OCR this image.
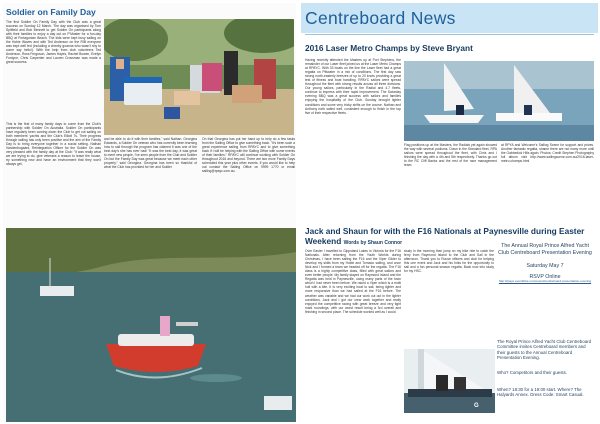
Soldier on Family Day
The first Soldier On Family Day with the Club was a great success on Sunday 12 March. The day was organised by Tom Spitfield and Bob Bennett to get Soldier On participants along with their families to enjoy a day out on P'Master for a fun-day BBQ at Portagunian Beach. The kids were kept busy sailing on the Hobie Waves and with Ted Anderson on the RIB everyone was kept well fed (including a cheeky goanna who wasn't shy to come say hello!). With the help from club volunteers Ted Anderson, Ross Ferguson, James Hayes, Rachel Bowen, Evelyn Fordyce, Chris Carpenter and Lauren Crossman was made a great success.
This is the first of many family days to come from the Club's partnership with Soldier On Australia. Soldier On participants have regularly been coming down the Club to get out sailing on both members' yachts and the Club's Elliott 7s. Their progress through sailing has only been positive and the aim of the Family Day is to bring everyone together in a social setting. Nathan Vandenbogaard, Reintegration Officer for the Soldier On was very pleased with the family day at the Club: "It was really what we are trying to do, give veterans a reason to leave the house, try something new and have an environment that they won't always get,
and be able to do it with their families," said Nathan. Georgina Edwards, a Soldier On veteran who has currently been learning how to sail through the program has claimed it was one of the best day's she has ever had! "It was the best day, it was great to meet new people, I've seen people from the Club and Soldier On but the Family Day was great because we meet each other properly," said Georgina. Georgina has been so thankful of what the Club has provided for her and Soldier
On that Georgina has put her hand up to help do a few tasks from the Sailing Office to give something back. "It's been such a great experience sailing from RPAYC and to give something back if I will be helping with the Sailing Office with some events of their families." RPAYC will continue working with Soldier On throughout 2016 and beyond. There are two more Family Days scheduled this year plus other events. If you would like to help out contact the Sailing Office on 9999 1770 or email sailing@rpayc.com.au.
Centreboard News
2016 Laser Metro Champs by Steve Bryant
Having recently attended the Masters up at Port Stephens, the remainder of our Laser fleet joined us at the Laser Metro Champs at RPAYC. With 33 boats on the line the Laser fleet had a great regatta on Pittwater in a mix of conditions. The first day saw strong north-easterly breezes of up to 20 knots providing a great test of fitness and boat handling. RPAYC sailors were spread throughout the fleet with strong results across all three divisions. Our young sailors, particularly in the Radial and 4.7 fleets, continue to impress with their rapid improvement. The Saturday evening BBQ was a great success with sailors and families enjoying the hospitality of the Club. Sunday brought lighter conditions and some very tricky shifts on the course. Nathan and Anthony both sailed well, consistent enough to finish in the top five of their respective fleets.
Flag positions up at the Masters, the Radials yet again showed the way with several podiums. Down in the Standard fleet, RPA sailors were spread throughout the fleet, with Chris and I finishing the day with a 4th and 5th respectively. Thanks go out to the RC Cliff Banks and the rest of the race management team.
at RPYA and Welcome's Sailing Scene for support and prizes. Another fantastic regatta, shame there are not many more until the Gabbedick Hills again. Photos: Credit Stephen Photography full album visit http://www.sailingscene.com.au/2016-laser-metro-champs.html
Jack and Shaun for with the F16 Nationals at Paynesville during Easter Weekend Words by Shaun Connor
Over Easter I travelled to Gippsland Lakes in Victoria for the F16 Nationals. After returning from the Youth Worlds during Christmas, I have been sailing the F16 and the Viper Glider to develop my skills from my Hobie and Tornado sailing, and once Nick and I formed a team we headed off for the regatta. The F16 class is a highly competitive class, filled with great sailors and even better people. My family stayed on Raymond Island and the Regatta was held in Paynesville, using many parts of the town which I had never been before. We raced a Viper which is a multi hull with a kite. It is very exciting boat to sail, being lighter and more responsive than we had sailed at the F16 before. The weather was variable and we had our work cut out in the lighter conditions. Jack and I got our crew work together and really enjoyed the competitive racing with great breeze and very tight mark roundings, with our worst result being a 3rd overall and finishing in second place. The schedule worked well as I could
study in the morning then jump on my bike ride to catch the ferry from Raymond Island to the Club and Sail in the afternoon. Thank you to Rouse officers and club for helping this one event and Jack and his folks for the opportunity to sail and a fun personal season regatta. Back now into study for my HSC.
G
The Annual Royal Prince Alfred Yacht Club Centreboard Presentation Evening
Saturday May 7
RSVP Online
http://rpayc.eventbrite.com/event/centreboard-presentation-evening
The Royal Prince Alfred Yacht Club Centreboard Committee invites Centreboard members and their guests to the Annual Centreboard Presentation Evening.
Who? Competitors and their guests.
When? 18:30 for a 19:00 start. Where? The Halyards Annex. Dress Code: Smart Casual.
